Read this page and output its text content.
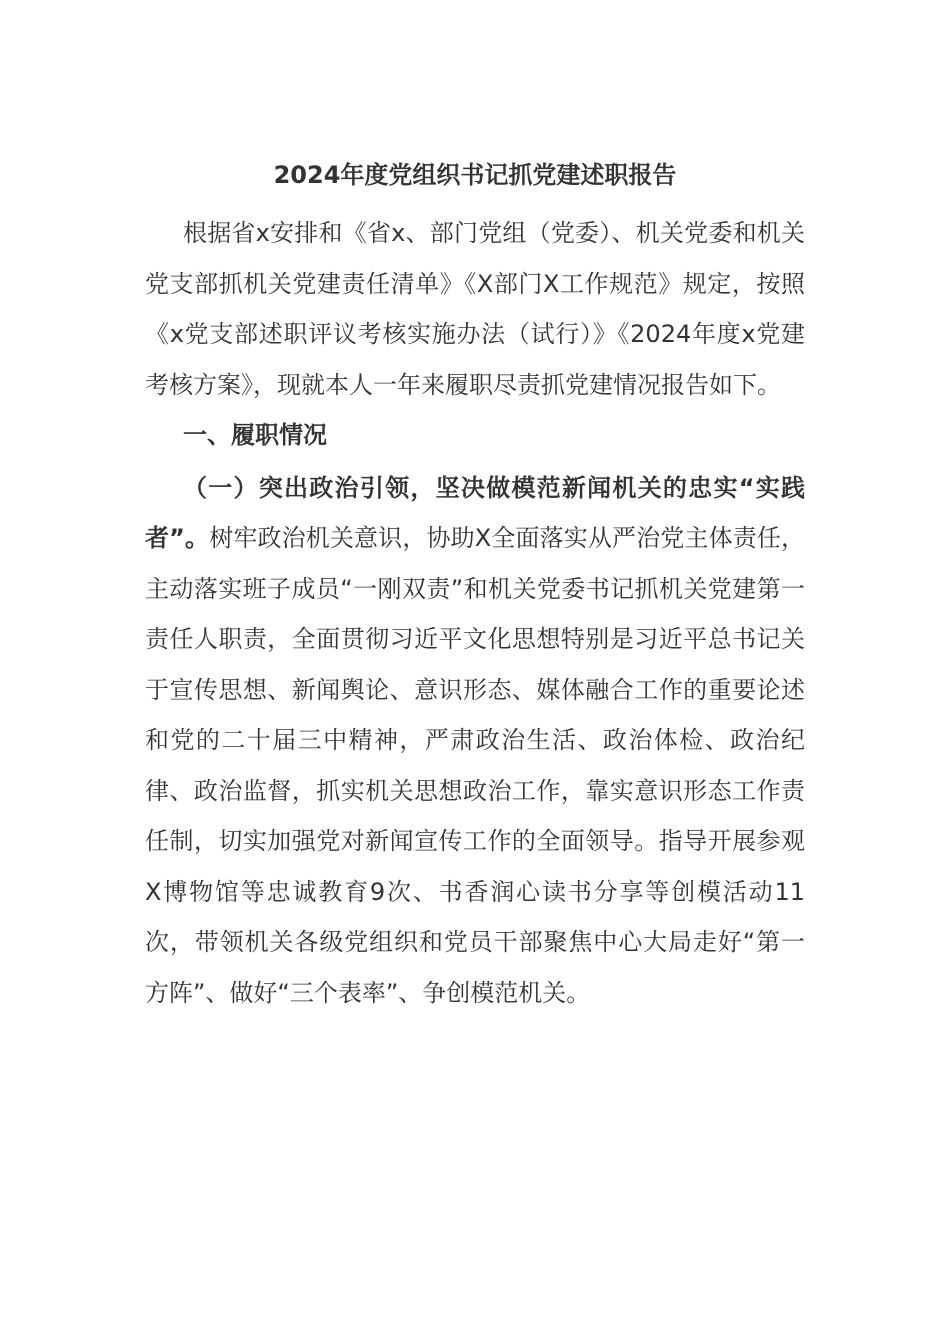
2024年度党组织书记抓党建述职报告

根据省x安排和《省x、部门党组（党委）、机关党委和机关党支部抓机关党建责任清单》《X部门X工作规范》规定，按照《x党支部述职评议考核实施办法（试行）》《2024年度x党建考核方案》，现就本人一年来履职尽责抓党建情况报告如下。

一、履职情况

（一）突出政治引领，坚决做模范新闻机关的忠实“实践者”。树牢政治机关意识，协助X全面落实从严治党主体责任，主动落实班子成员“一刚双责”和机关党委书记抓机关党建第一责任人职责，全面贯彻习近平文化思想特别是习近平总书记关于宣传思想、新闻舆论、意识形态、媒体融合工作的重要论述和党的二十届三中精神，严肃政治生活、政治体检、政治纪律、政治监督，抓实机关思想政治工作，靠实意识形态工作责任制，切实加强党对新闻宣传工作的全面领导。指导开展参观X博物馆等忠诚教育9次、书香润心读书分享等创模活动11次，带领机关各级党组织和党员干部聚焦中心大局走好“第一方阵”、做好“三个表率”、争创模范机关。
